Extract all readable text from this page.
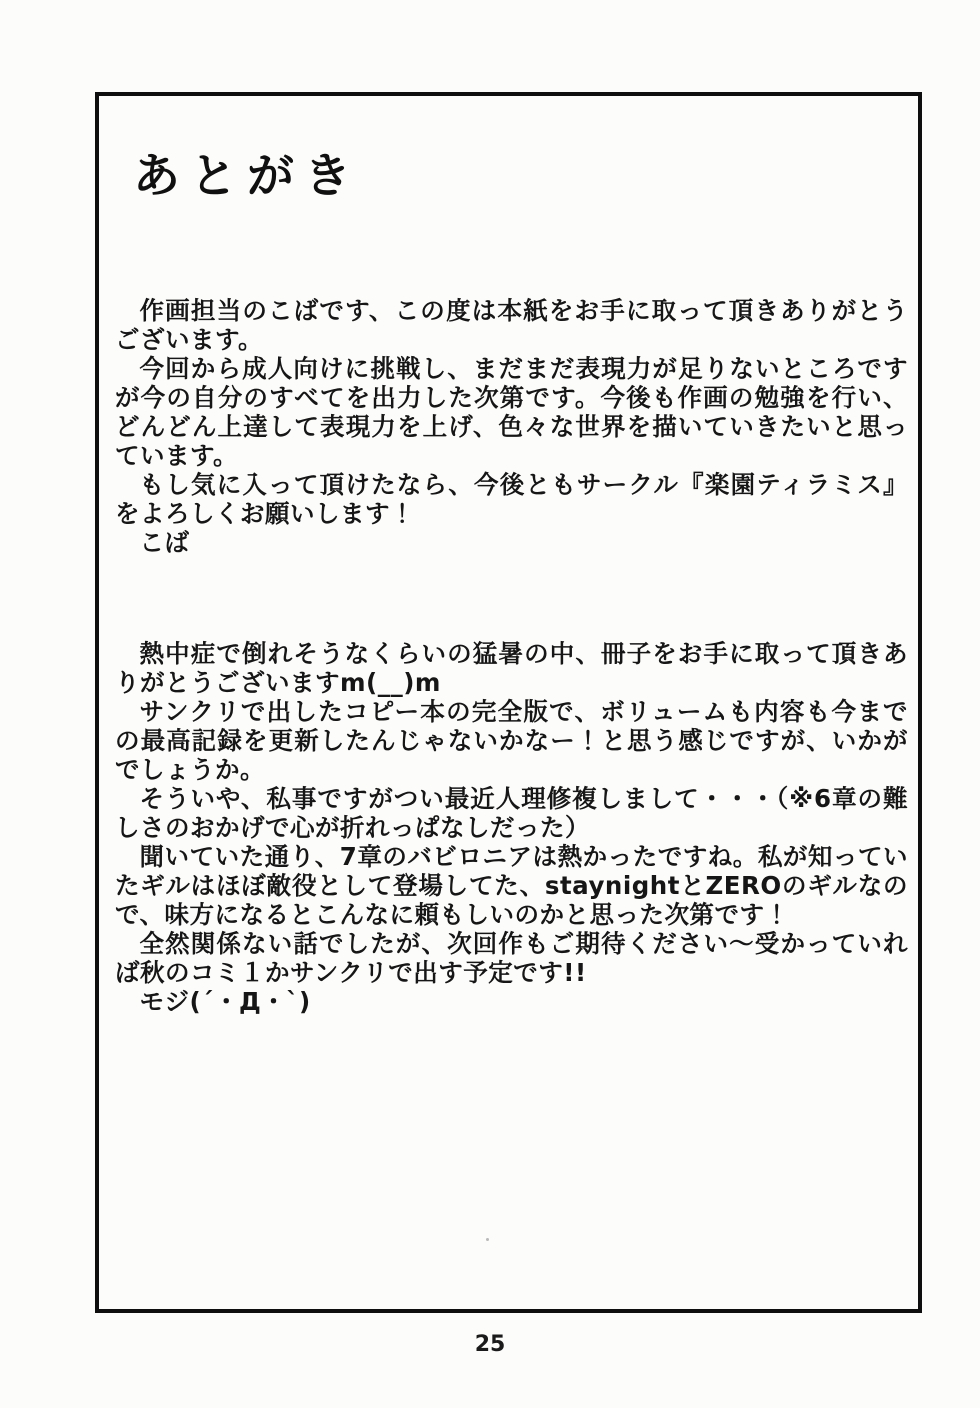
あとがき

作画担当のこばです、この度は本紙をお手に取って頂きありがとうございます。

今回から成人向けに挑戦し、まだまだ表現力が足りないところですが今の自分のすべてを出力した次第です。今後も作画の勉強を行い、どんどん上達して表現力を上げ、色々な世界を描いていきたいと思っています。

もし気に入って頂けたなら、今後ともサークル『楽園ティラミス』をよろしくお願いします！

こば

熱中症で倒れそうなくらいの猛暑の中、冊子をお手に取って頂きありがとうございますm(__)m

サンクリで出したコピー本の完全版で、ボリュームも内容も今までの最高記録を更新したんじゃないかなー！と思う感じですが、いかがでしょうか。

そういや、私事ですがつい最近人理修複しまして・・・（※6章の難しさのおかげで心が折れっぱなしだった）

聞いていた通り、7章のバビロニアは熱かったですね。私が知っていたギルはほぼ敵役として登場してた、staynightとZEROのギルなので、味方になるとこんなに頼もしいのかと思った次第です！

全然関係ない話でしたが、次回作もご期待ください〜受かっていれば秋のコミ１かサンクリで出す予定です!!

モジ(´・Д・`)

25
